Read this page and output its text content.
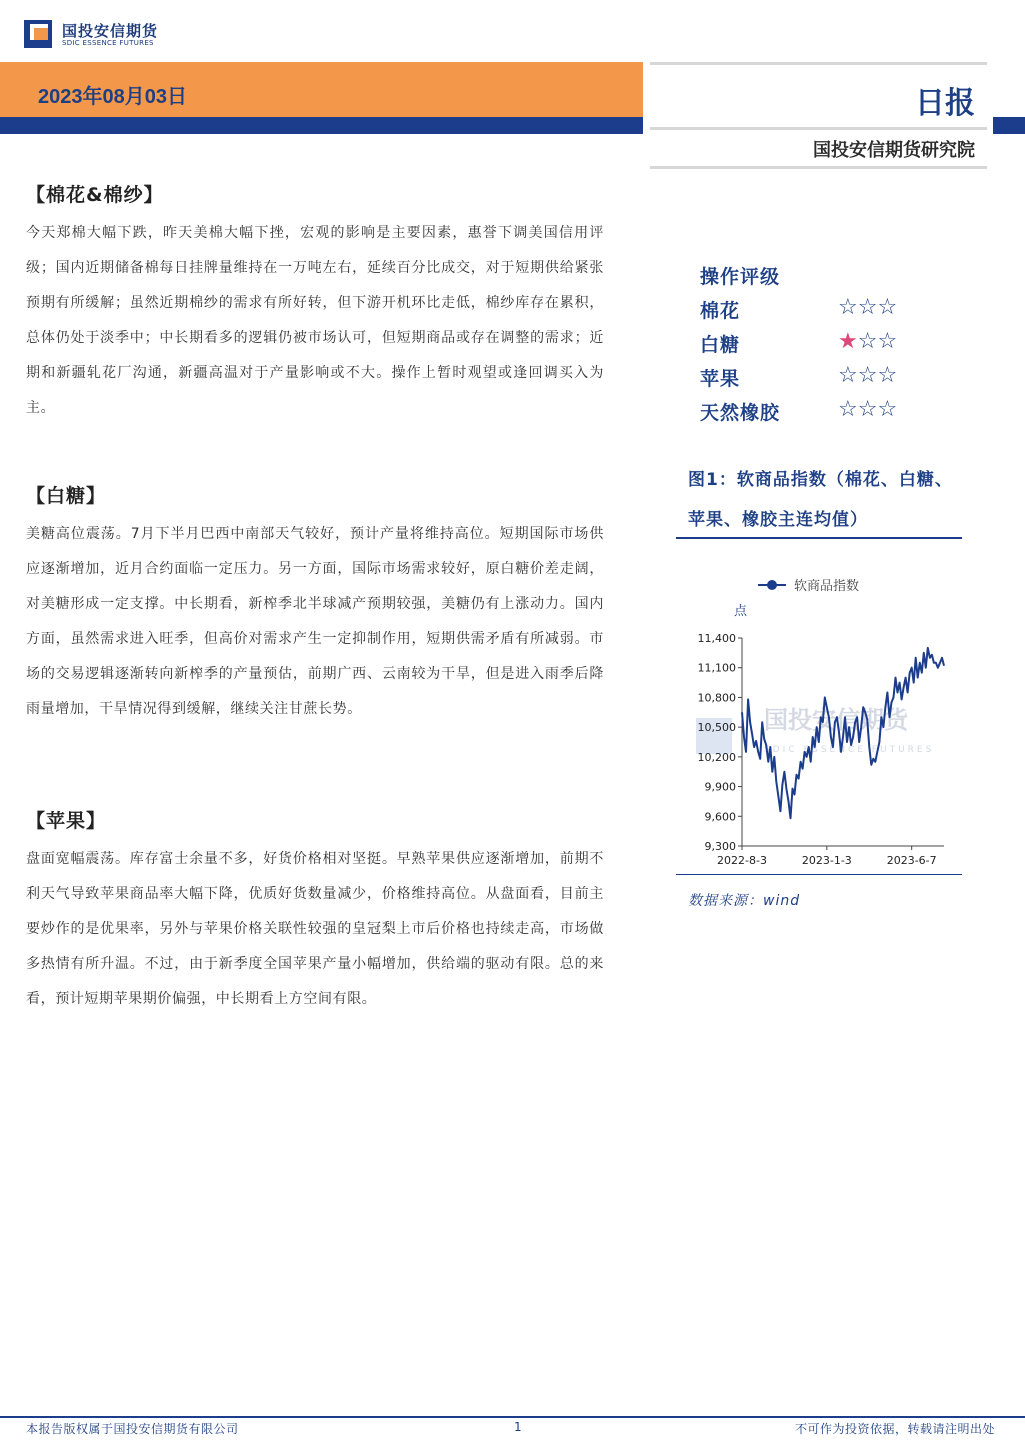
国投安信期货
SDIC ESSENCE FUTURES
2023年08月03日	日报
国投安信期货研究院
【棉花&棉纱】
今天郑棉大幅下跌，昨天美棉大幅下挫，宏观的影响是主要因素，惠誉下调美国信用评级；国内近期储备棉每日挂牌量维持在一万吨左右，延续百分比成交，对于短期供给紧张预期有所缓解；虽然近期棉纱的需求有所好转，但下游开机环比走低，棉纱库存在累积，总体仍处于淡季中；中长期看多的逻辑仍被市场认可，但短期商品或存在调整的需求；近期和新疆轧花厂沟通，新疆高温对于产量影响或不大。操作上暂时观望或逢回调买入为主。
【白糖】
美糖高位震荡。7月下半月巴西中南部天气较好，预计产量将维持高位。短期国际市场供应逐渐增加，近月合约面临一定压力。另一方面，国际市场需求较好，原白糖价差走阔，对美糖形成一定支撑。中长期看，新榨季北半球减产预期较强，美糖仍有上涨动力。国内方面，虽然需求进入旺季，但高价对需求产生一定抑制作用，短期供需矛盾有所减弱。市场的交易逻辑逐渐转向新榨季的产量预估，前期广西、云南较为干旱，但是进入雨季后降雨量增加，干旱情况得到缓解，继续关注甘蔗长势。
【苹果】
盘面宽幅震荡。库存富士余量不多，好货价格相对坚挺。早熟苹果供应逐渐增加，前期不利天气导致苹果商品率大幅下降，优质好货数量减少，价格维持高位。从盘面看，目前主要炒作的是优果率，另外与苹果价格关联性较强的皇冠梨上市后价格也持续走高，市场做多热情有所升温。不过，由于新季度全国苹果产量小幅增加，供给端的驱动有限。总的来看，预计短期苹果期价偏强，中长期看上方空间有限。
操作评级
棉花	☆☆☆
白糖	★☆☆
苹果	☆☆☆
天然橡胶	☆☆☆
图1：软商品指数（棉花、白糖、苹果、橡胶主连均值）
国投安信期货
SDIC ESSENCE FUTURES
软商品指数
点
9,300
9,600
9,900
10,200
10,500
10,800
11,100
11,400
2022-8-3	2023-1-3	2023-6-7
数据来源：wind
本报告版权属于国投安信期货有限公司	1	不可作为投资依据，转载请注明出处
